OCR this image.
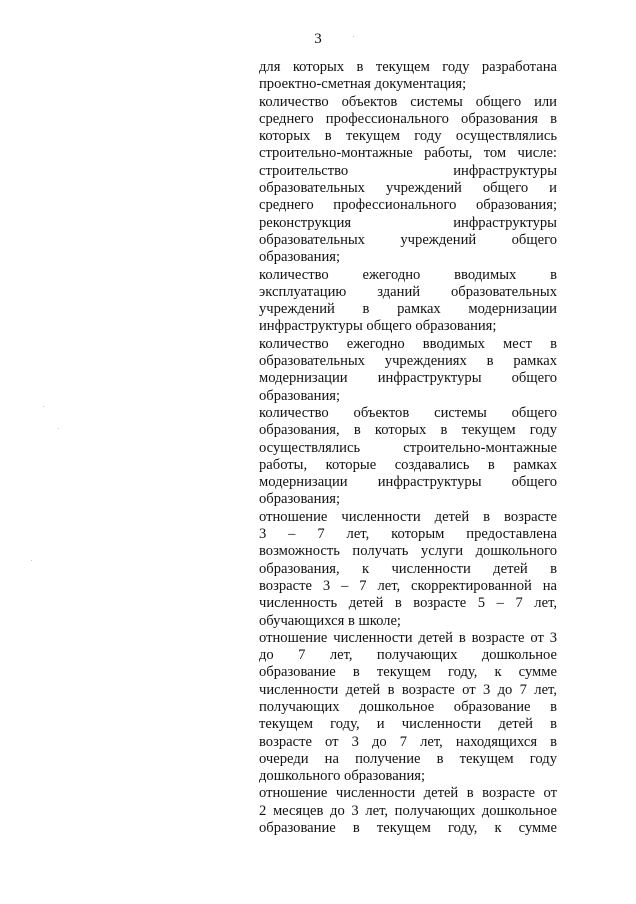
3
для которых в текущем году разработана
проектно-сметная документация;
количество объектов системы общего или
среднего профессионального образования в
которых в текущем году осуществлялись
строительно-монтажные работы, том числе:
строительство инфраструктуры
образовательных учреждений общего и
среднего профессионального образования;
реконструкция инфраструктуры
образовательных учреждений общего
образования;
количество ежегодно вводимых в
эксплуатацию зданий образовательных
учреждений в рамках модернизации
инфраструктуры общего образования;
количество ежегодно вводимых мест в
образовательных учреждениях в рамках
модернизации инфраструктуры общего
образования;
количество объектов системы общего
образования, в которых в текущем году
осуществлялись строительно-монтажные
работы, которые создавались в рамках
модернизации инфраструктуры общего
образования;
отношение численности детей в возрасте
3 – 7 лет, которым предоставлена
возможность получать услуги дошкольного
образования, к численности детей в
возрасте 3 – 7 лет, скорректированной на
численность детей в возрасте 5 – 7 лет,
обучающихся в школе;
отношение численности детей в возрасте от 3
до 7 лет, получающих дошкольное
образование в текущем году, к сумме
численности детей в возрасте от 3 до 7 лет,
получающих дошкольное образование в
текущем году, и численности детей в
возрасте от 3 до 7 лет, находящихся в
очереди на получение в текущем году
дошкольного образования;
отношение численности детей в возрасте от
2 месяцев до 3 лет, получающих дошкольное
образование в текущем году, к сумме
